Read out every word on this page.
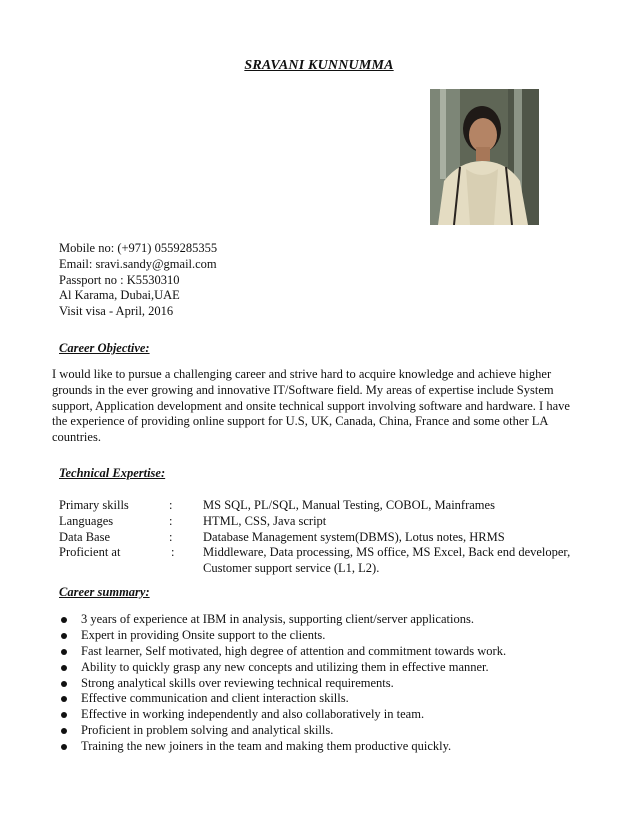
SRAVANI KUNNUMMA
Mobile no: (+971) 0559285355
Email: sravi.sandy@gmail.com
Passport no : K5530310
Al Karama, Dubai,UAE
Visit visa - April, 2016
Career Objective:
I would like to pursue a challenging career and strive hard to acquire knowledge and achieve higher grounds in the ever growing and innovative IT/Software field. My areas of expertise include System support, Application development and onsite technical support involving software and hardware. I have the experience of providing online support for U.S, UK, Canada, China, France and some other LA countries.
Technical Expertise:
Primary skills	: MS SQL, PL/SQL, Manual Testing, COBOL, Mainframes
Languages	: HTML, CSS, Java script
Data Base	: Database Management system(DBMS), Lotus notes, HRMS
Proficient at	: Middleware, Data processing, MS office, MS Excel, Back end developer,
Customer support service (L1, L2).
Career summary:
3 years of experience at IBM in analysis, supporting client/server applications.
Expert in providing Onsite support to the clients.
Fast learner, Self motivated, high degree of attention and commitment towards work.
Ability to quickly grasp any new concepts and utilizing them in effective manner.
Strong analytical skills over reviewing technical requirements.
Effective communication and client interaction skills.
Effective in working independently and also collaboratively in team.
Proficient in problem solving and analytical skills.
Training the new joiners in the team and making them productive quickly.
